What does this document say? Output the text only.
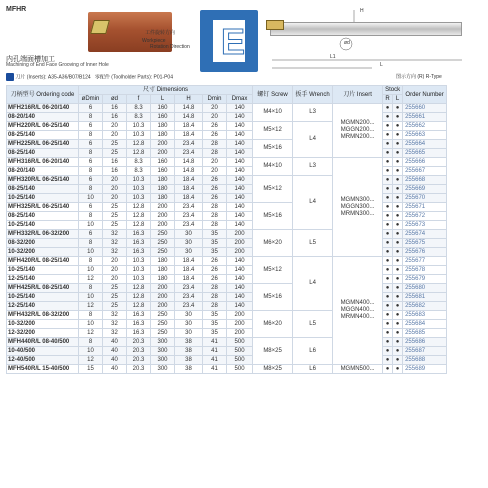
MFHR
内孔端面槽加工
Machining of End Face Grooving of Inner Hole
工件旋转方向
Workpiece
Rotation Direction E
H
L1
L
ød
刀片 (Inserts): A35-A36/B07/B124 零配件 (Toolholder Parts): P01-P04	图示方向 (R) R-Type
刀柄型号 Ordering code	尺寸 Dimensions							螺钉 Screw	扳手 Wrench	刀片 Insert	Stock		Order Number
	øDmin	ød	f	L	H	Dmin	Dmax				R	L	
MFH216R/L 06-20/140	6	16	8.3	160	14.8	20	140	M4×10	L3	MGMN200...
MGGN200...
MRMN200...	●	●	255660
08-20/140	8	16	8.3	160	14.8	20	140				●	●	255661
MFH220R/L 06-25/140	6	20	10.3	180	18.4	26	140	M5×12	L4		●	●	255662
08-25/140	8	20	10.3	180	18.4	26	140				●	●	255663
MFH225R/L 06-25/140	6	25	12.8	200	23.4	28	140	M5×16			●	●	255664
08-25/140	8	25	12.8	200	23.4	28	140				●	●	255665
MFH316R/L 06-20/140	6	16	8.3	160	14.8	20	140	M4×10	L3	MGMN300...
MGGN300...
MRMN300...	●	●	255666
08-20/140	8	16	8.3	160	14.8	20	140				●	●	255667
MFH320R/L 06-25/140	6	20	10.3	180	18.4	26	140	M5×12	L4		●	●	255668
08-25/140	8	20	10.3	180	18.4	26	140				●	●	255669
10-25/140	10	20	10.3	180	18.4	26	140				●	●	255670
MFH325R/L 06-25/140	6	25	12.8	200	23.4	28	140	M5×16			●	●	255671
08-25/140	8	25	12.8	200	23.4	28	140				●	●	255672
10-25/140	10	25	12.8	200	23.4	28	140				●	●	255673
MFH332R/L 06-32/200	6	32	16.3	250	30	35	200	M6×20	L5		●	●	255674
08-32/200	8	32	16.3	250	30	35	200				●	●	255675
10-32/200	10	32	16.3	250	30	35	200				●	●	255676
MFH420R/L 08-25/140	8	20	10.3	180	18.4	26	140	M5×12	L4	MGMN400...
MGGN400...
MRMN400...	●	●	255677
10-25/140	10	20	10.3	180	18.4	26	140				●	●	255678
12-25/140	12	20	10.3	180	18.4	26	140				●	●	255679
MFH425R/L 08-25/140	8	25	12.8	200	23.4	28	140	M5×16			●	●	255680
10-25/140	10	25	12.8	200	23.4	28	140				●	●	255681
12-25/140	12	25	12.8	200	23.4	28	140				●	●	255682
MFH432R/L 08-32/200	8	32	16.3	250	30	35	200	M6×20	L5		●	●	255683
10-32/200	10	32	16.3	250	30	35	200				●	●	255684
12-32/200	12	32	16.3	250	30	35	200				●	●	255685
MFH440R/L 08-40/500	8	40	20.3	300	38	41	500	M8×25	L6		●	●	255686
10-40/500	10	40	20.3	300	38	41	500				●	●	255687
12-40/500	12	40	20.3	300	38	41	500				●	●	255688
MFH540R/L 15-40/500	15	40	20.3	300	38	41	500	M8×25	L6	MGMN500...	●	●	255689
